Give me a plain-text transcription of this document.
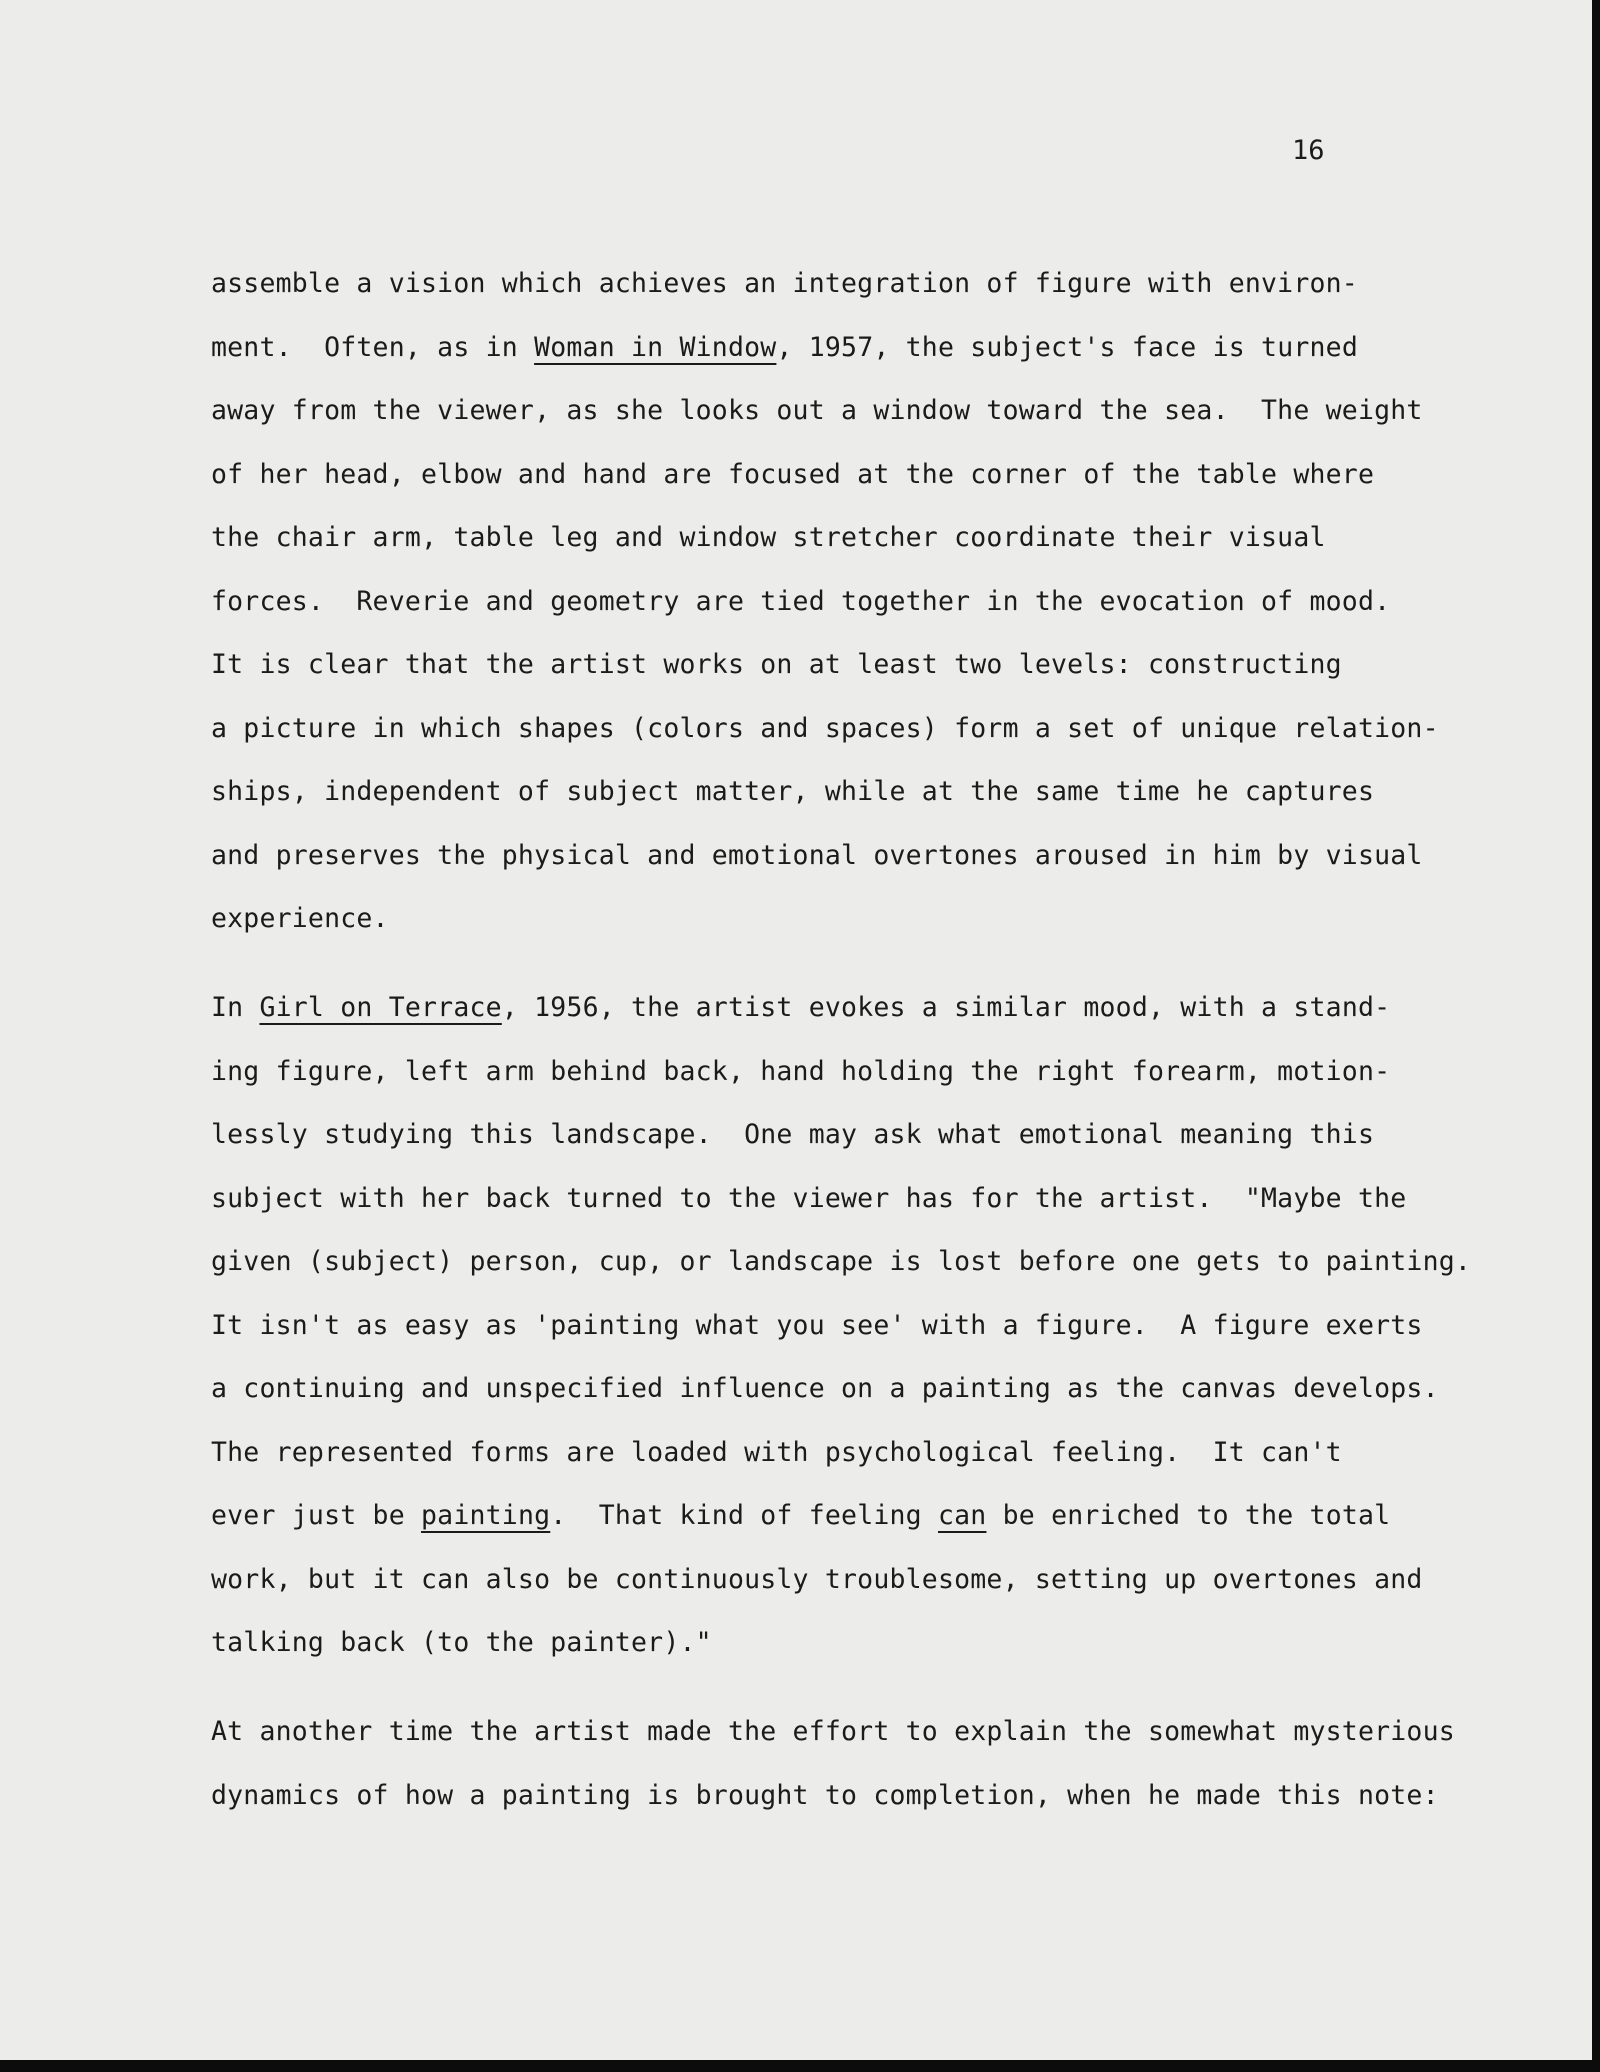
16

assemble a vision which achieves an integration of figure with environ-
ment.  Often, as in Woman in Window, 1957, the subject's face is turned
away from the viewer, as she looks out a window toward the sea.  The weight
of her head, elbow and hand are focused at the corner of the table where
the chair arm, table leg and window stretcher coordinate their visual
forces.  Reverie and geometry are tied together in the evocation of mood.
It is clear that the artist works on at least two levels: constructing
a picture in which shapes (colors and spaces) form a set of unique relation-
ships, independent of subject matter, while at the same time he captures
and preserves the physical and emotional overtones aroused in him by visual
experience.
In Girl on Terrace, 1956, the artist evokes a similar mood, with a stand-
ing figure, left arm behind back, hand holding the right forearm, motion-
lessly studying this landscape.  One may ask what emotional meaning this
subject with her back turned to the viewer has for the artist.  "Maybe the
given (subject) person, cup, or landscape is lost before one gets to painting.
It isn't as easy as 'painting what you see' with a figure.  A figure exerts
a continuing and unspecified influence on a painting as the canvas develops.
The represented forms are loaded with psychological feeling.  It can't
ever just be painting.  That kind of feeling can be enriched to the total
work, but it can also be continuously troublesome, setting up overtones and
talking back (to the painter)."
At another time the artist made the effort to explain the somewhat mysterious
dynamics of how a painting is brought to completion, when he made this note:
